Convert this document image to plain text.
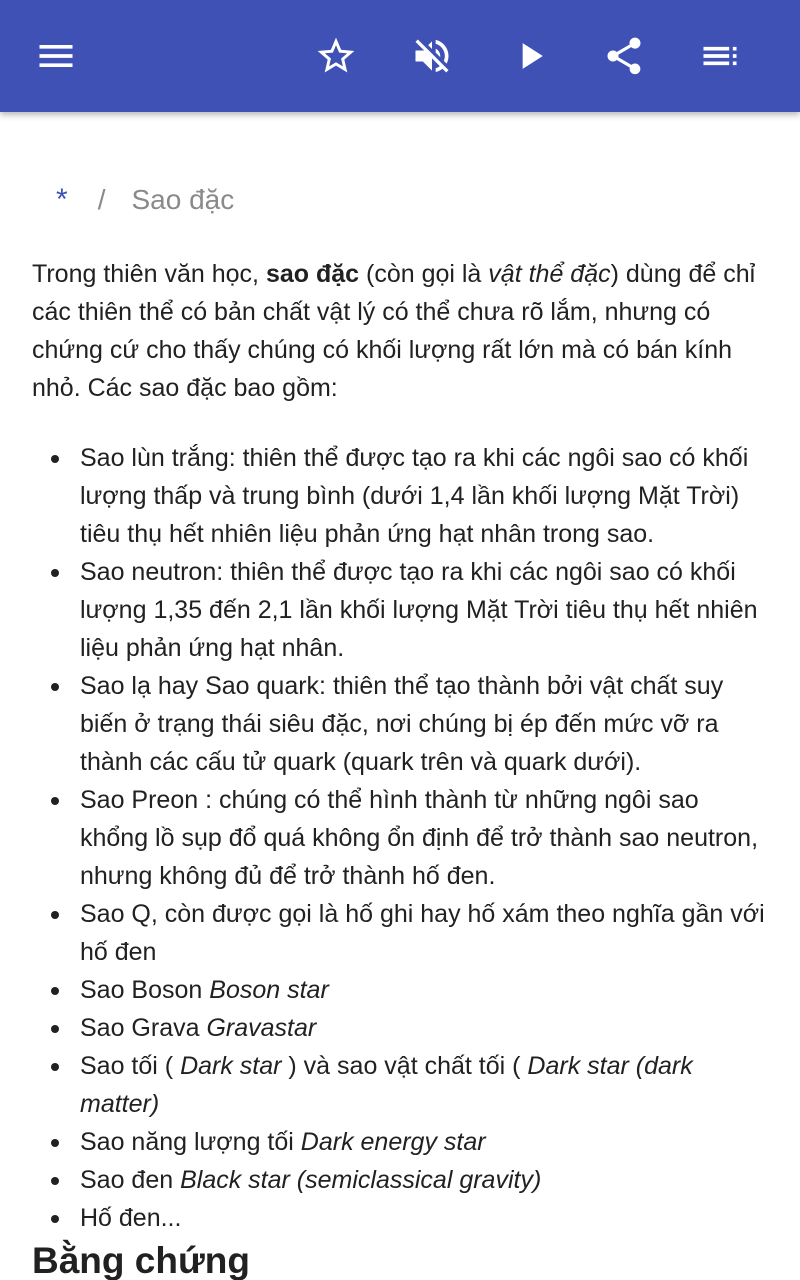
* / Sao đặc

Trong thiên văn học, sao đặc (còn gọi là vật thể đặc) dùng để chỉ các thiên thể có bản chất vật lý có thể chưa rõ lắm, nhưng có chứng cứ cho thấy chúng có khối lượng rất lớn mà có bán kính nhỏ. Các sao đặc bao gồm:

Sao lùn trắng: thiên thể được tạo ra khi các ngôi sao có khối lượng thấp và trung bình (dưới 1,4 lần khối lượng Mặt Trời) tiêu thụ hết nhiên liệu phản ứng hạt nhân trong sao.
Sao neutron: thiên thể được tạo ra khi các ngôi sao có khối lượng 1,35 đến 2,1 lần khối lượng Mặt Trời tiêu thụ hết nhiên liệu phản ứng hạt nhân.
Sao lạ hay Sao quark: thiên thể tạo thành bởi vật chất suy biến ở trạng thái siêu đặc, nơi chúng bị ép đến mức vỡ ra thành các cấu tử quark (quark trên và quark dưới).
Sao Preon : chúng có thể hình thành từ những ngôi sao khổng lồ sụp đổ quá không ổn định để trở thành sao neutron, nhưng không đủ để trở thành hố đen.
Sao Q, còn được gọi là hố ghi hay hố xám theo nghĩa gần với hố đen
Sao Boson Boson star
Sao Grava Gravastar
Sao tối ( Dark star ) và sao vật chất tối ( Dark star (dark matter)
Sao năng lượng tối Dark energy star
Sao đen Black star (semiclassical gravity)
Hố đen...
Bằng chứng
